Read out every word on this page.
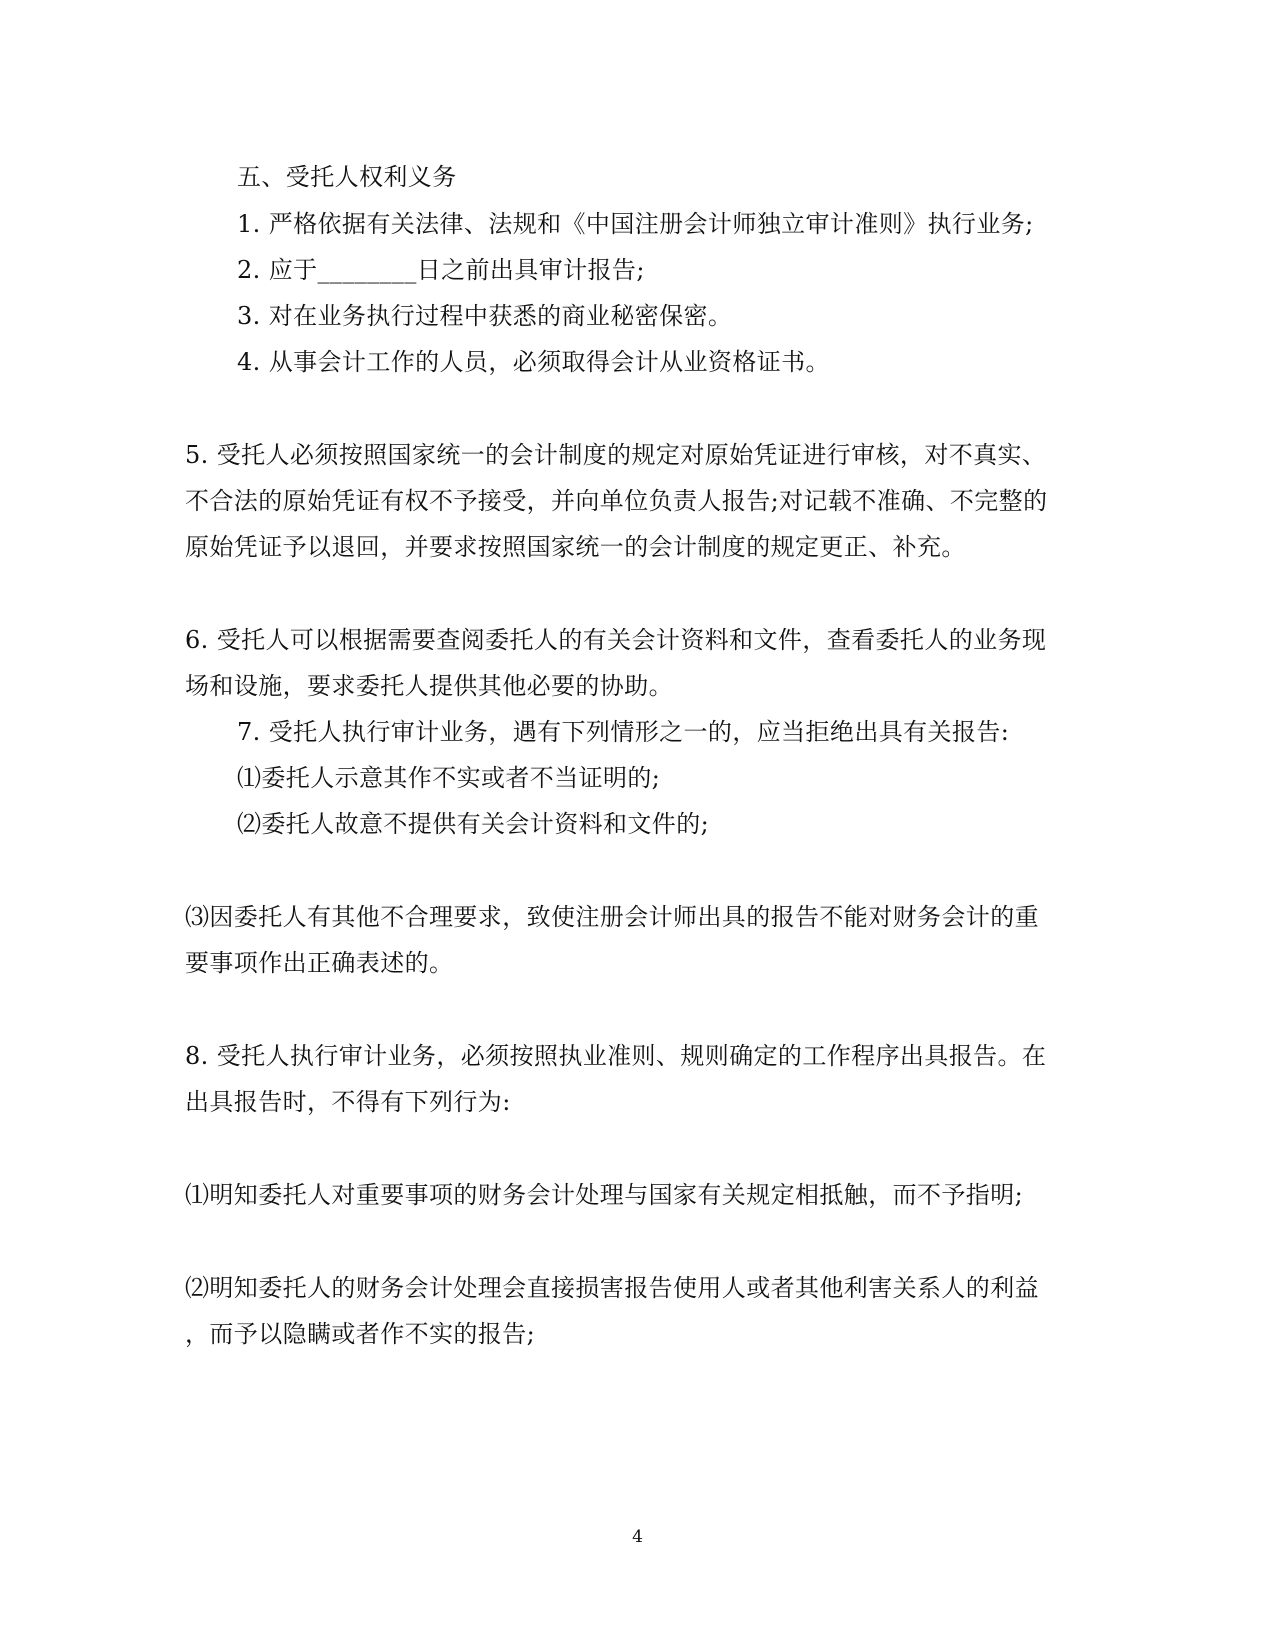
五、受托人权利义务
1. 严格依据有关法律、法规和《中国注册会计师独立审计准则》执行业务;
2. 应于________日之前出具审计报告;
3. 对在业务执行过程中获悉的商业秘密保密。
4. 从事会计工作的人员，必须取得会计从业资格证书。
5. 受托人必须按照国家统一的会计制度的规定对原始凭证进行审核，对不真实、
不合法的原始凭证有权不予接受，并向单位负责人报告;对记载不准确、不完整的
原始凭证予以退回，并要求按照国家统一的会计制度的规定更正、补充。
6. 受托人可以根据需要查阅委托人的有关会计资料和文件，查看委托人的业务现
场和设施，要求委托人提供其他必要的协助。
7. 受托人执行审计业务，遇有下列情形之一的，应当拒绝出具有关报告:
⑴委托人示意其作不实或者不当证明的;
⑵委托人故意不提供有关会计资料和文件的;
⑶因委托人有其他不合理要求，致使注册会计师出具的报告不能对财务会计的重
要事项作出正确表述的。
8. 受托人执行审计业务，必须按照执业准则、规则确定的工作程序出具报告。在
出具报告时，不得有下列行为:
⑴明知委托人对重要事项的财务会计处理与国家有关规定相抵触，而不予指明;
⑵明知委托人的财务会计处理会直接损害报告使用人或者其他利害关系人的利益
，而予以隐瞒或者作不实的报告;
4
